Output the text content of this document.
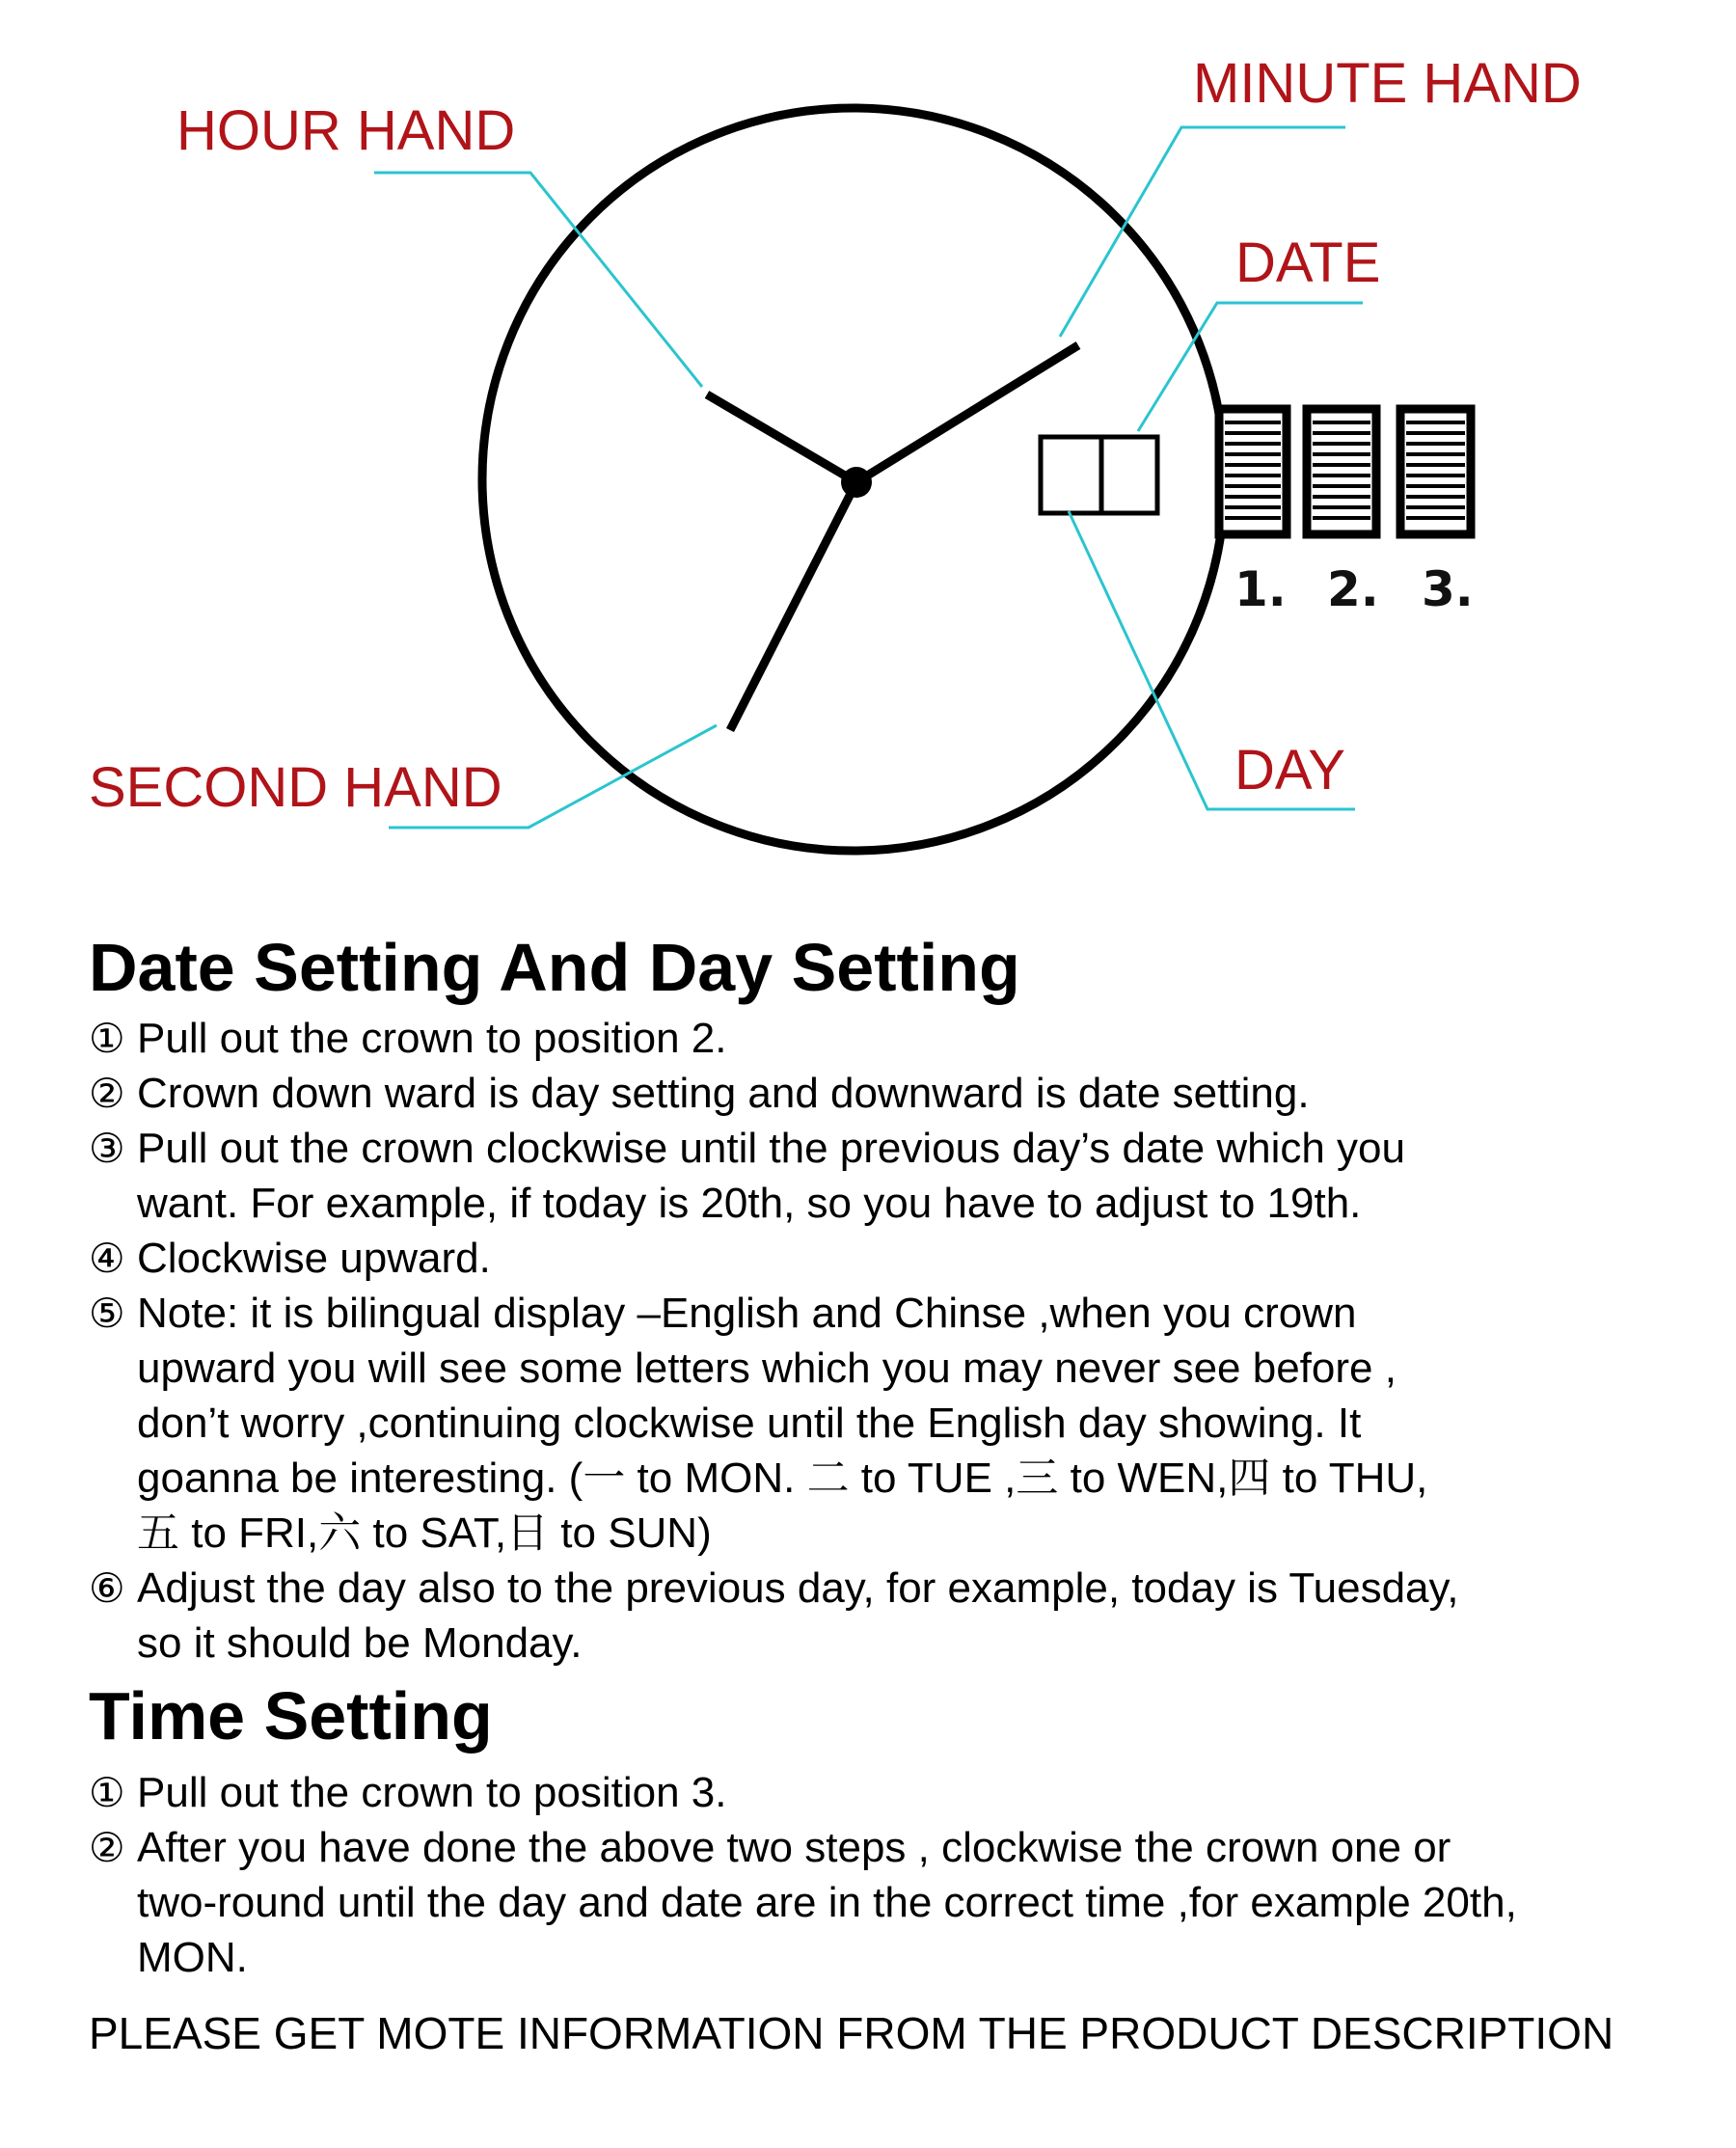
HOUR HAND
MINUTE HAND
DATE
SECOND HAND	DAY
1. 2. 3.
Date Setting And Day Setting
① Pull out the crown to position 2.
② Crown down ward is day setting and downward is date setting.
③ Pull out the crown clockwise until the previous day’s date which you
want. For example, if today is 20th, so you have to adjust to 19th.
④ Clockwise upward.
⑤ Note: it is bilingual display –English and Chinse ,when you crown
upward you will see some letters which you may never see before ,
don’t worry ,continuing clockwise until the English day showing. It
goanna be interesting. (一 to MON. 二 to TUE ,三 to WEN,四 to THU,
五 to FRI,六 to SAT,日 to SUN)
⑥ Adjust the day also to the previous day, for example, today is Tuesday,
so it should be Monday.
Time Setting
① Pull out the crown to position 3.
② After you have done the above two steps , clockwise the crown one or
two-round until the day and date are in the correct time ,for example 20th,
MON.
PLEASE GET MOTE INFORMATION FROM THE PRODUCT DESCRIPTION
